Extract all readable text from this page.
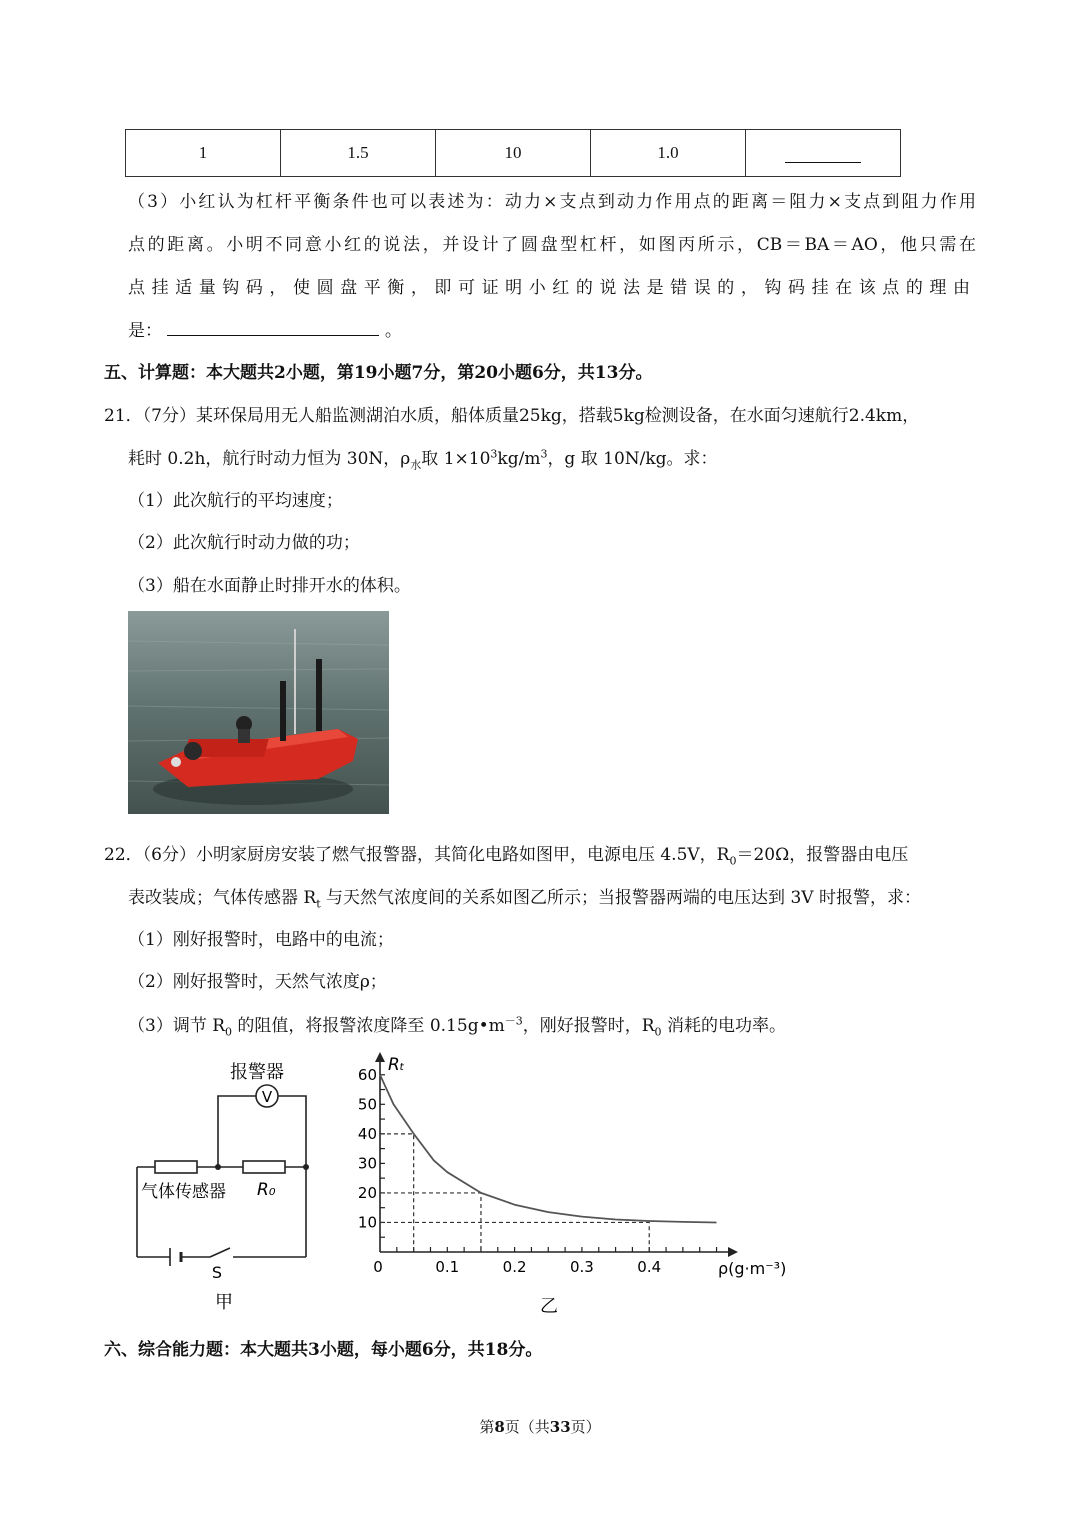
1	1.5	10	1.0	
（3）小红认为杠杆平衡条件也可以表述为：动力×支点到动力作用点的距离＝阻力×支点到阻力作用
点的距离。小明不同意小红的说法，并设计了圆盘型杠杆，如图丙所示，CB＝BA＝AO，他只需在
点挂适量钩码，使圆盘平衡，即可证明小红的说法是错误的，钩码挂在该点的理由
是：	。
五、计算题：本大题共2小题，第19小题7分，第20小题6分，共13分。
21．（7分）某环保局用无人船监测湖泊水质，船体质量25kg，搭载5kg检测设备，在水面匀速航行2.4km，
耗时 0.2h，航行时动力恒为 30N，$\rho_水$取 $1\times 10^3kg/m^3$，g 取 10N/kg。求：
（1）此次航行的平均速度；
（2）此次航行时动力做的功；
（3）船在水面静止时排开水的体积。
22．（6分）小明家厨房安装了燃气报警器，其简化电路如图甲，电源电压 4.5V，$R_0=20\Omega$，报警器由电压
表改装成；气体传感器 $R_t$ 与天然气浓度间的关系如图乙所示；当报警器两端的电压达到 3V 时报警，求：
（1）刚好报警时，电路中的电流；
（2）刚好报警时，天然气浓度ρ；
（3）调节 $R_0$ 的阻值，将报警浓度降至 $0.15g•m^{-3}$，刚好报警时，$R_0$ 消耗的电功率。
V
报警器
气体传感器 R₀
S
甲
Rₜ
ρ(g·m⁻³)
0
乙
0.1	0.2	0.3	0.4
10
20
30
40
50
60
六、综合能力题：本大题共3小题，每小题6分，共18分。
第8页（共33页）
